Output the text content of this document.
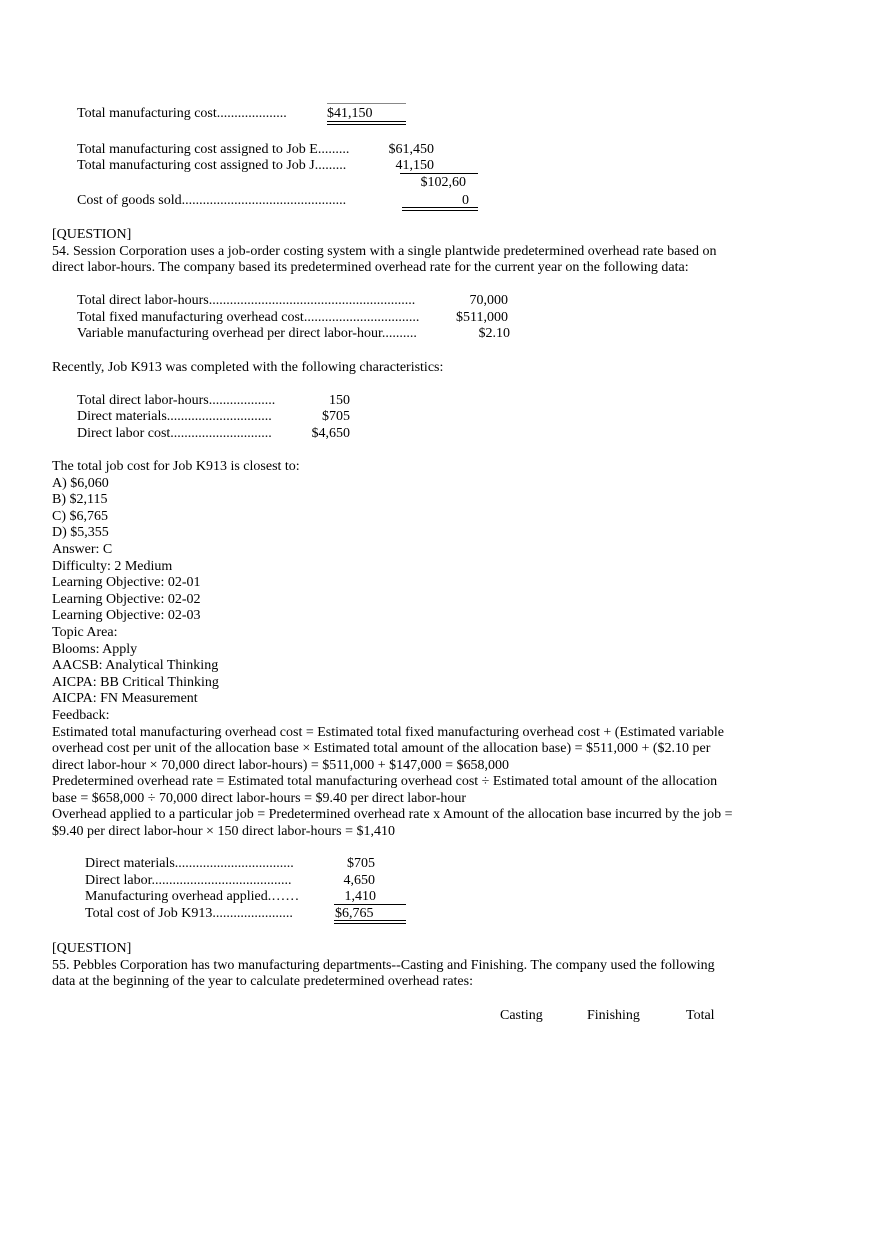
Total manufacturing cost....................	$41,150
Total manufacturing cost assigned to Job E.........	$61,450
Total manufacturing cost assigned to Job J.........	41,150
$102,60
Cost of goods sold...............................................	0
[QUESTION]
54. Session Corporation uses a job-order costing system with a single plantwide predetermined overhead rate based on
direct labor-hours. The company based its predetermined overhead rate for the current year on the following data:
Total direct labor-hours...........................................................	70,000
Total fixed manufacturing overhead cost.................................	$511,000
Variable manufacturing overhead per direct labor-hour..........	$2.10
Recently, Job K913 was completed with the following characteristics:
Total direct labor-hours...................	150
Direct materials..............................	$705
Direct labor cost.............................	$4,650
The total job cost for Job K913 is closest to:
A) $6,060
B) $2,115
C) $6,765
D) $5,355
Answer: C
Difficulty: 2 Medium
Learning Objective: 02-01
Learning Objective: 02-02
Learning Objective: 02-03
Topic Area:
Blooms: Apply
AACSB: Analytical Thinking
AICPA: BB Critical Thinking
AICPA: FN Measurement
Feedback:
Estimated total manufacturing overhead cost = Estimated total fixed manufacturing overhead cost + (Estimated variable
overhead cost per unit of the allocation base × Estimated total amount of the allocation base) = $511,000 + ($2.10 per
direct labor-hour × 70,000 direct labor-hours) = $511,000 + $147,000 = $658,000
Predetermined overhead rate = Estimated total manufacturing overhead cost ÷ Estimated total amount of the allocation
base = $658,000 ÷ 70,000 direct labor-hours = $9.40 per direct labor-hour
Overhead applied to a particular job = Predetermined overhead rate x Amount of the allocation base incurred by the job =
$9.40 per direct labor-hour × 150 direct labor-hours = $1,410
Direct materials..................................	$705
Direct labor........................................	4,650
Manufacturing overhead applied.……	1,410
Total cost of Job K913.......................	$6,765
[QUESTION]
55. Pebbles Corporation has two manufacturing departments--Casting and Finishing. The company used the following
data at the beginning of the year to calculate predetermined overhead rates:
Casting	Finishing	Total
